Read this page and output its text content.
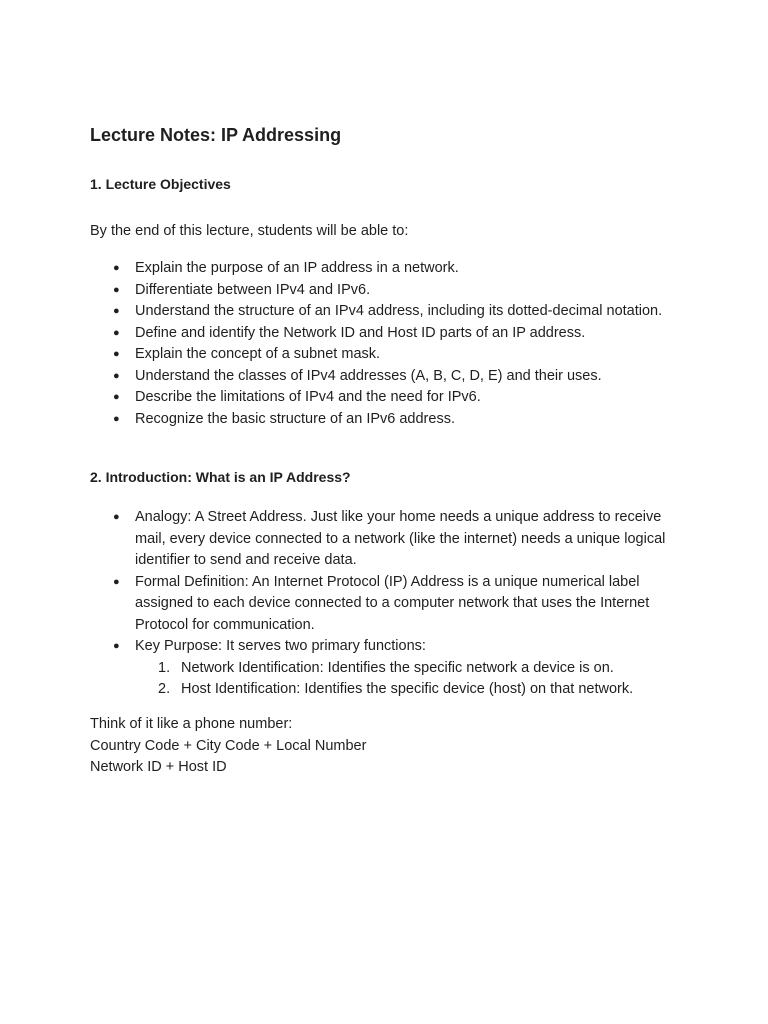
Lecture Notes: IP Addressing
1. Lecture Objectives

By the end of this lecture, students will be able to:

● Explain the purpose of an IP address in a network.
● Differentiate between IPv4 and IPv6.
● Understand the structure of an IPv4 address, including its dotted-decimal notation.
● Define and identify the Network ID and Host ID parts of an IP address.
● Explain the concept of a subnet mask.
● Understand the classes of IPv4 addresses (A, B, C, D, E) and their uses.
● Describe the limitations of IPv4 and the need for IPv6.
● Recognize the basic structure of an IPv6 address.
2. Introduction: What is an IP Address?
● Analogy: A Street Address. Just like your home needs a unique address to receive mail, every device connected to a network (like the internet) needs a unique logical identifier to send and receive data.
● Formal Definition: An Internet Protocol (IP) Address is a unique numerical label assigned to each device connected to a computer network that uses the Internet Protocol for communication.
● Key Purpose: It serves two primary functions:
1. Network Identification: Identifies the specific network a device is on.
2. Host Identification: Identifies the specific device (host) on that network.
Think of it like a phone number:
Country Code + City Code + Local Number
Network ID + Host ID
